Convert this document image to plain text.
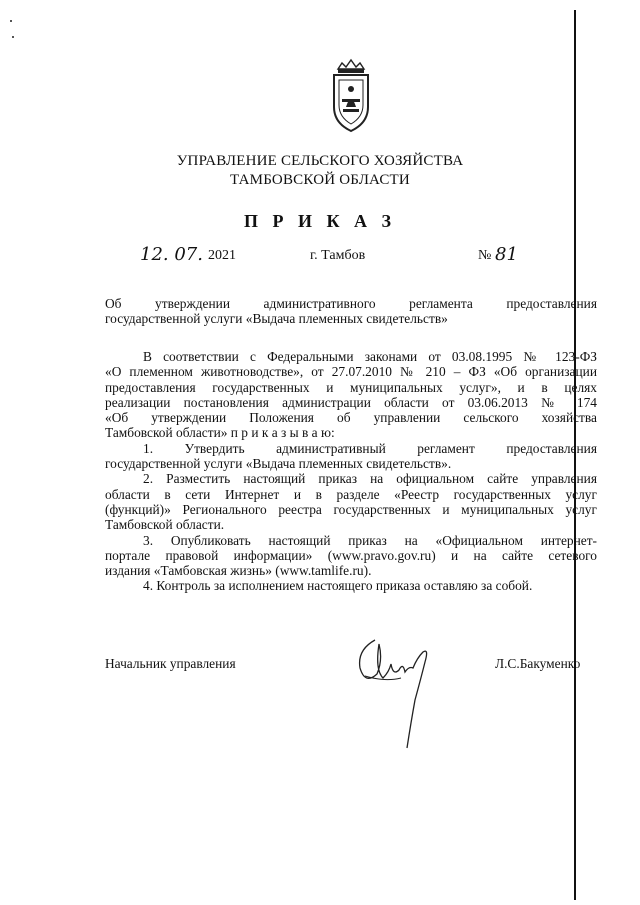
УПРАВЛЕНИЕ СЕЛЬСКОГО ХОЗЯЙСТВА
ТАМБОВСКОЙ ОБЛАСТИ
П Р И К А З
12. 07. 2021	г. Тамбов	№ 81
Об утверждении административного регламента предоставления
государственной услуги «Выдача племенных свидетельств»
В соответствии с Федеральными законами от 03.08.1995 № 123-ФЗ
«О племенном животноводстве», от 27.07.2010 № 210 – ФЗ «Об организации
предоставления государственных и муниципальных услуг», и в целях
реализации постановления администрации области от 03.06.2013 № 174
«Об утверждении Положения об управлении сельского хозяйства
Тамбовской области» п р и к а з ы в а ю:
1. Утвердить административный регламент предоставления
государственной услуги «Выдача племенных свидетельств».
2. Разместить настоящий приказ на официальном сайте управления
области в сети Интернет и в разделе «Реестр государственных услуг
(функций)» Регионального реестра государственных и муниципальных услуг
Тамбовской области.
3. Опубликовать настоящий приказ на «Официальном интернет-
портале правовой информации» (www.pravo.gov.ru) и на сайте сетевого
издания «Тамбовская жизнь» (www.tamlife.ru).
4. Контроль за исполнением настоящего приказа оставляю за собой.
Начальник управления	Л.С.Бакуменко
